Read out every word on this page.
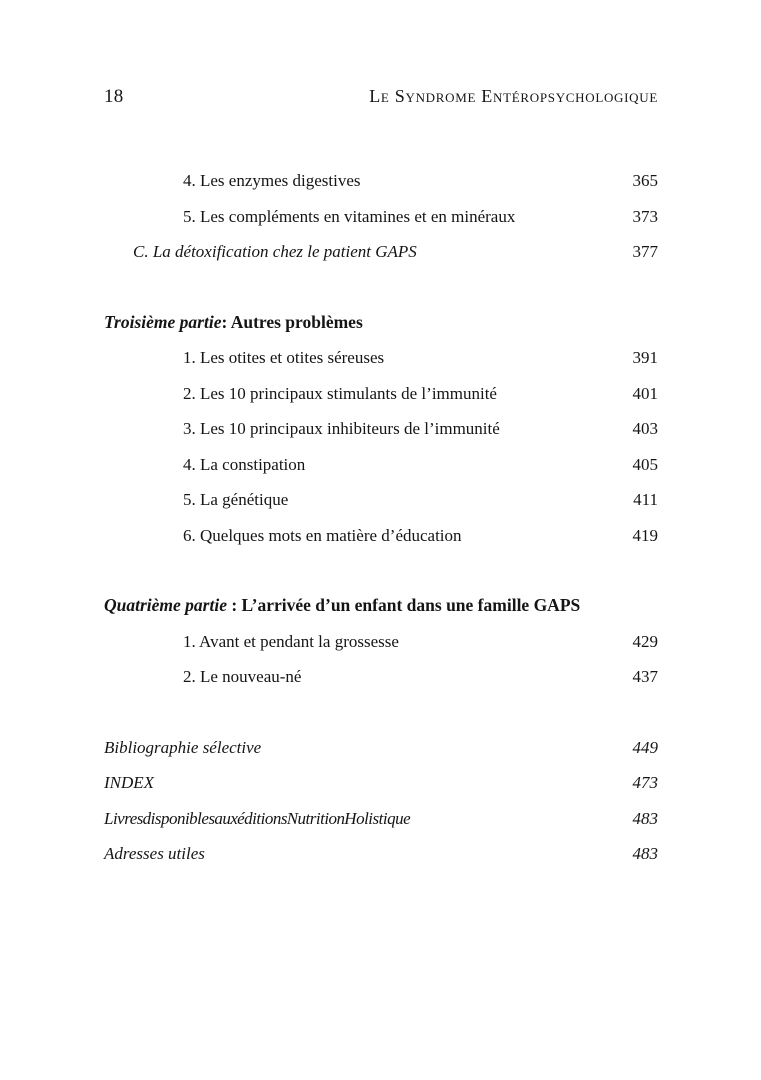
18	Le Syndrome Entéropsychologique
4. Les enzymes digestives	365
5. Les compléments en vitamines et en minéraux	373
C. La détoxification chez le patient GAPS	377
Troisième partie: Autres problèmes
1. Les otites et otites séreuses	391
2. Les 10 principaux stimulants de l’immunité	401
3. Les 10 principaux inhibiteurs de l’immunité	403
4. La constipation	405
5. La génétique	411
6. Quelques mots en matière d’éducation	419
Quatrième partie : L’arrivée d’un enfant dans une famille GAPS
1. Avant et pendant la grossesse	429
2. Le nouveau-né	437
Bibliographie sélective	449
INDEX	473
Livres disponibles aux éditions Nutrition Holistique	483
Adresses utiles	483
